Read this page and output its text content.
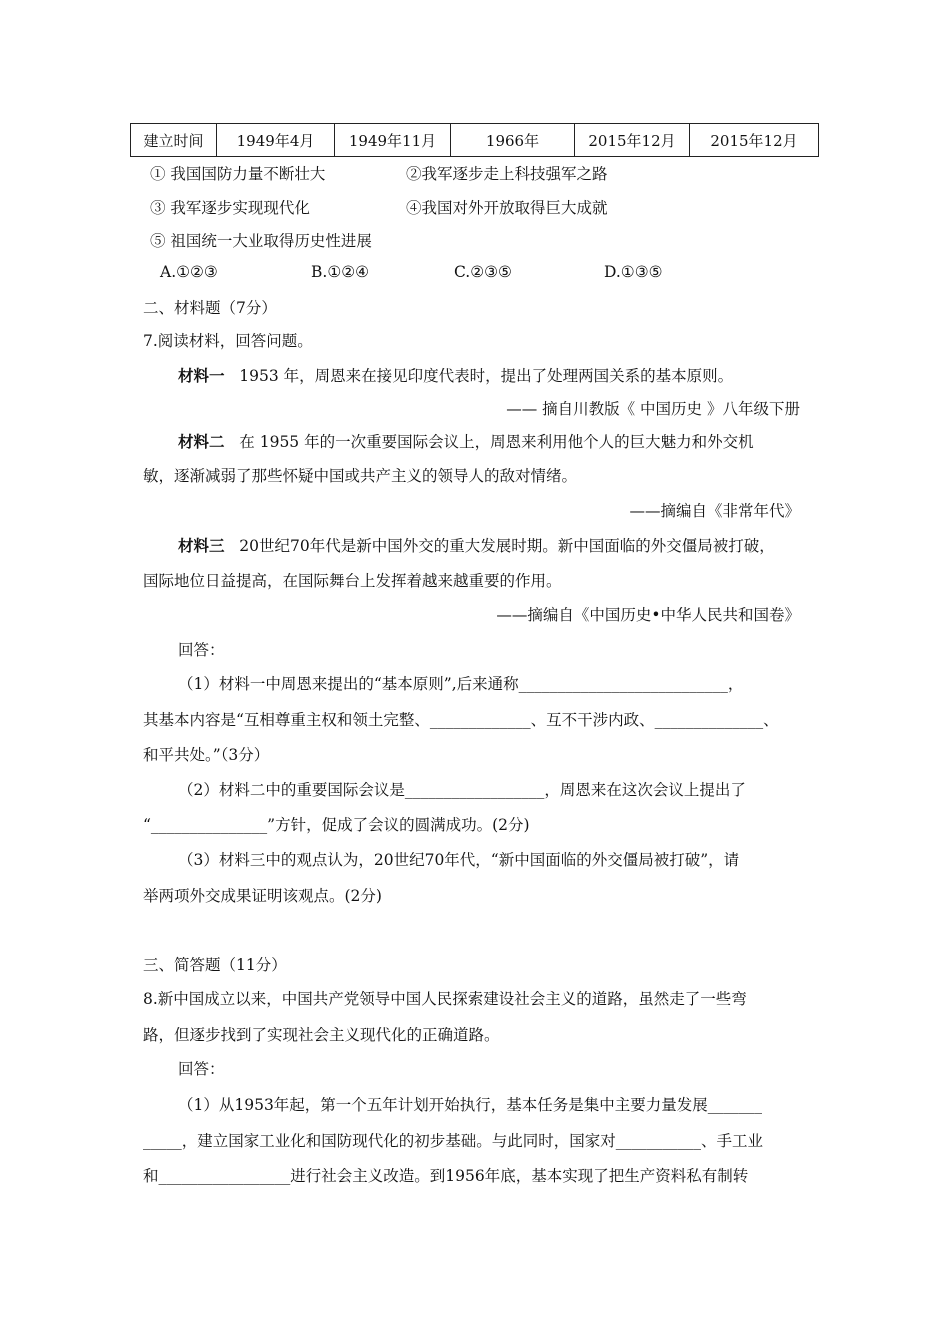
建立时间	1949年4月	1949年11月	1966年	2015年12月	2015年12月
① 我国国防力量不断壮大	②我军逐步走上科技强军之路
③ 我军逐步实现现代化	④我国对外开放取得巨大成就
⑤ 祖国统一大业取得历史性进展
A.①②③	B.①②④	C.②③⑤	D.①③⑤
二、材料题（7分）
7.阅读材料，回答问题。
材料一 1953 年，周恩来在接见印度代表时，提出了处理两国关系的基本原则。
—— 摘自川教版《 中国历史 》八年级下册
材料二 在 1955 年的一次重要国际会议上，周恩来利用他个人的巨大魅力和外交机
敏，逐渐减弱了那些怀疑中国或共产主义的领导人的敌对情绪。
——摘编自《非常年代》
材料三 20世纪70年代是新中国外交的重大发展时期。新中国面临的外交僵局被打破，
国际地位日益提高，在国际舞台上发挥着越来越重要的作用。
——摘编自《中国历史•中华人民共和国卷》
回答：
（1）材料一中周恩来提出的“基本原则”,后来通称___________________________，
其基本内容是“互相尊重主权和领土完整、_____________、互不干涉内政、______________、
和平共处。”（3分）
（2）材料二中的重要国际会议是__________________，周恩来在这次会议上提出了
“_______________”方针，促成了会议的圆满成功。(2分)
（3）材料三中的观点认为，20世纪70年代，“新中国面临的外交僵局被打破”，请
举两项外交成果证明该观点。(2分)
三、简答题（11分）
8.新中国成立以来，中国共产党领导中国人民探索建设社会主义的道路，虽然走了一些弯
路，但逐步找到了实现社会主义现代化的正确道路。
回答：
（1）从1953年起，第一个五年计划开始执行，基本任务是集中主要力量发展_______
_____，建立国家工业化和国防现代化的初步基础。与此同时，国家对___________、手工业
和_________________进行社会主义改造。到1956年底，基本实现了把生产资料私有制转
